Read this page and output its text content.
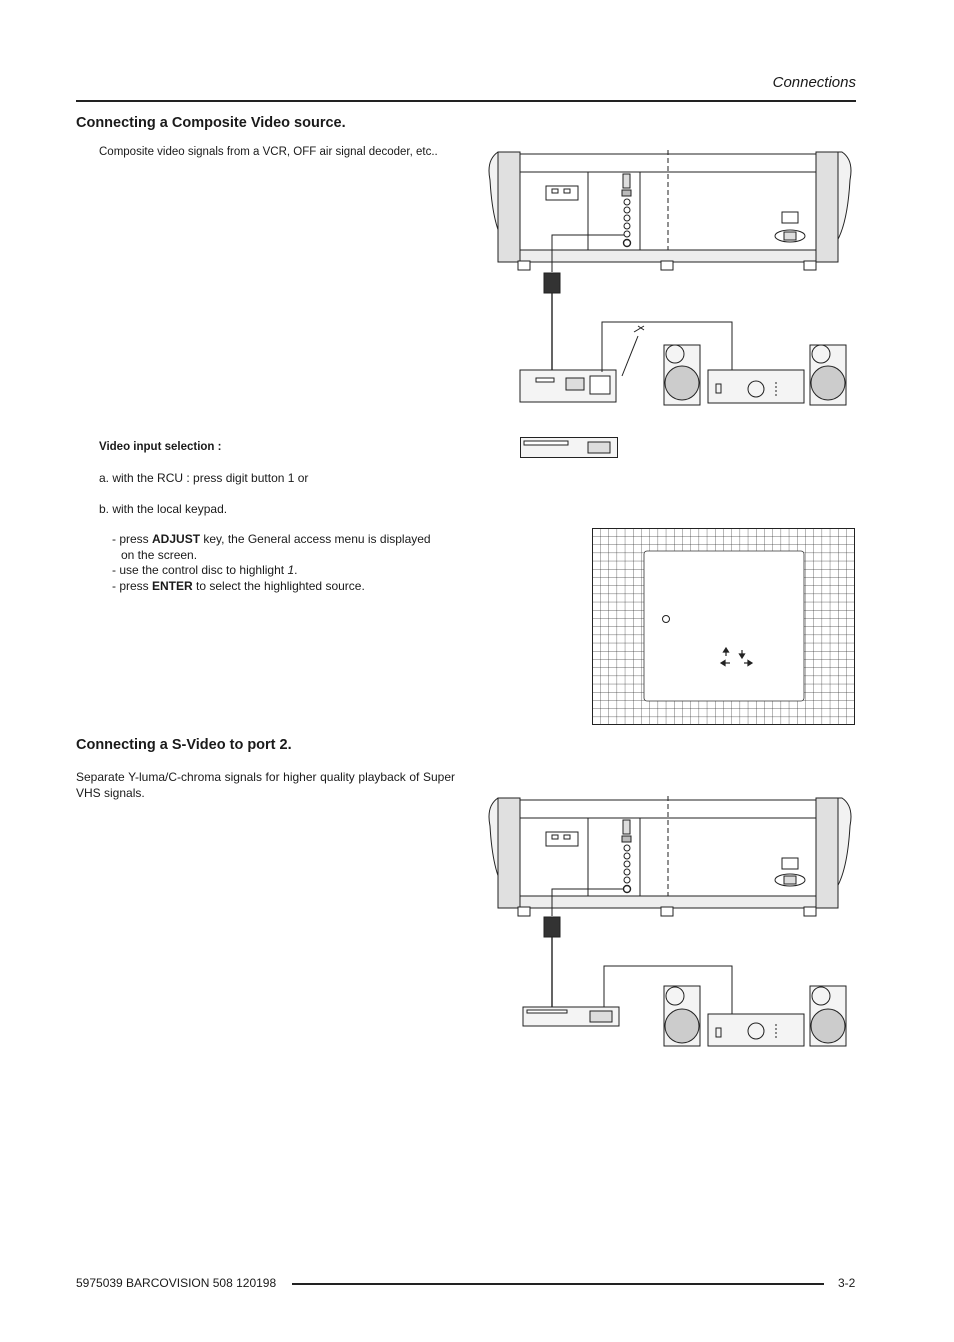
Connections
Connecting a Composite Video source.
Composite video signals from a VCR, OFF air signal decoder, etc..
Video input selection :
a. with the RCU : press digit button 1 or
b. with the local keypad.
- press ADJUST key, the General access menu is displayed
on the screen.
- use the control disc to highlight 1.
- press ENTER to select the highlighted source.
Connecting a S-Video to port 2.
Separate Y-luma/C-chroma signals for higher quality playback of Super VHS signals.
5975039 BARCOVISION 508 120198	3-2
